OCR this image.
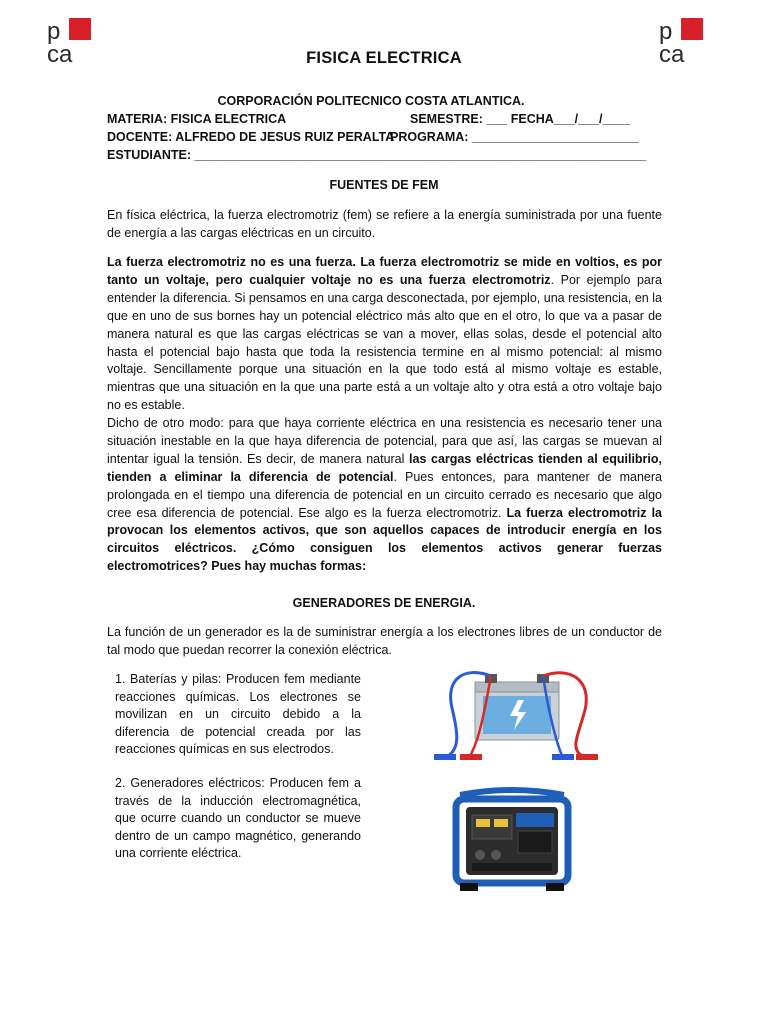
p
ca
p
ca
FISICA ELECTRICA
CORPORACIÓN POLITECNICO COSTA ATLANTICA.
MATERIA: FISICA ELECTRICA	SEMESTRE: ___ FECHA___/___/____
DOCENTE: ALFREDO DE JESUS RUIZ PERALTA
PROGRAMA: ________________________
ESTUDIANTE: _________________________________________________________________
FUENTES DE FEM

En física eléctrica, la fuerza electromotriz (fem) se refiere a la energía suministrada por una fuente de energía a las cargas eléctricas en un circuito.

La fuerza electromotriz no es una fuerza. La fuerza electromotriz se mide en voltios, es por tanto un voltaje, pero cualquier voltaje no es una fuerza electromotriz. Por ejemplo para entender la diferencia. Si pensamos en una carga desconectada, por ejemplo, una resistencia, en la que en uno de sus bornes hay un potencial eléctrico más alto que en el otro, lo que va a pasar de manera natural es que las cargas eléctricas se van a mover, ellas solas, desde el potencial alto hasta el potencial bajo hasta que toda la resistencia termine en al mismo potencial: al mismo voltaje. Sencillamente porque una situación en la que todo está al mismo voltaje es estable, mientras que una situación en la que una parte está a un voltaje alto y otra está a otro voltaje bajo no es estable.

Dicho de otro modo: para que haya corriente eléctrica en una resistencia es necesario tener una situación inestable en la que haya diferencia de potencial, para que así, las cargas se muevan al intentar igual la tensión. Es decir, de manera natural las cargas eléctricas tienden al equilibrio, tienden a eliminar la diferencia de potencial. Pues entonces, para mantener de manera prolongada en el tiempo una diferencia de potencial en un circuito cerrado es necesario que algo cree esa diferencia de potencial. Ese algo es la fuerza electromotriz. La fuerza electromotriz la provocan los elementos activos, que son aquellos capaces de introducir energía en los circuitos eléctricos. ¿Cómo consiguen los elementos activos generar fuerzas electromotrices? Pues hay muchas formas:

GENERADORES DE ENERGIA.

La función de un generador es la de suministrar energía a los electrones libres de un conductor de tal modo que puedan recorrer la conexión eléctrica.

1. Baterías y pilas: Producen fem mediante reacciones químicas. Los electrones se movilizan en un circuito debido a la diferencia de potencial creada por las reacciones químicas en sus electrodos.

2. Generadores eléctricos: Producen fem a través de la inducción electromagnética, que ocurre cuando un conductor se mueve dentro de un campo magnético, generando una corriente eléctrica.
